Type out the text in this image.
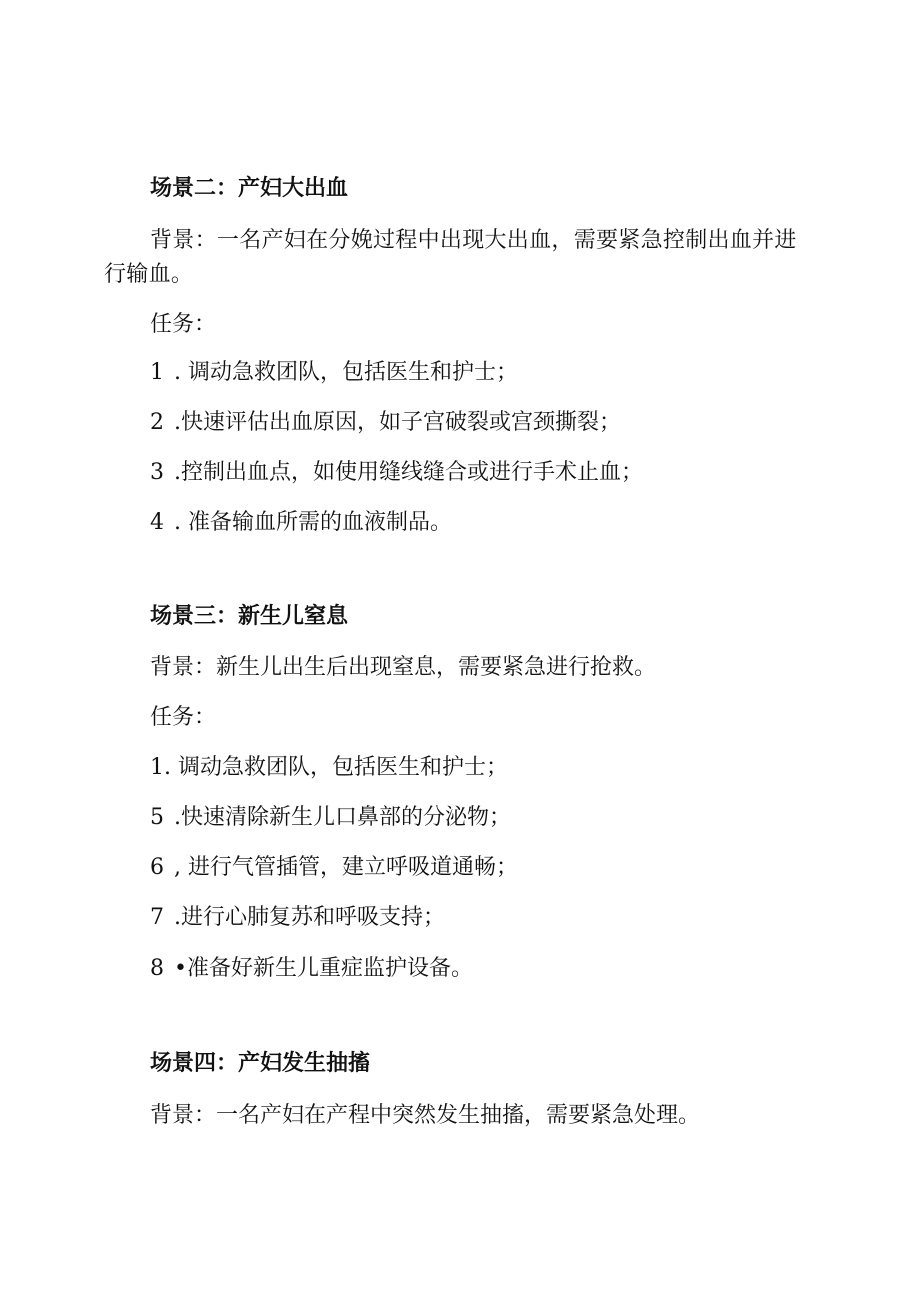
场景二：产妇大出血

背景：一名产妇在分娩过程中出现大出血，需要紧急控制出血并进行输血。

任务：

1 . 调动急救团队，包括医生和护士；

2 .快速评估出血原因，如子宫破裂或宫颈撕裂；

3 .控制出血点，如使用缝线缝合或进行手术止血；

4 . 准备输血所需的血液制品。

场景三：新生儿窒息

背景：新生儿出生后出现窒息，需要紧急进行抢救。

任务：

1. 调动急救团队，包括医生和护士；

5 .快速清除新生儿口鼻部的分泌物；

6 , 进行气管插管，建立呼吸道通畅；

7 .进行心肺复苏和呼吸支持；

8 •准备好新生儿重症监护设备。

场景四：产妇发生抽搐

背景：一名产妇在产程中突然发生抽搐，需要紧急处理。
